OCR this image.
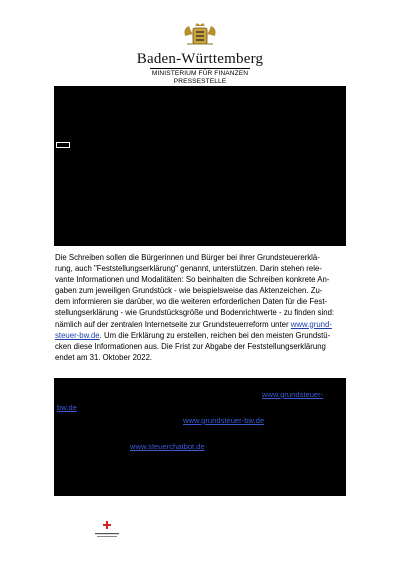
Baden-Württemberg
MINISTERIUM FÜR FINANZEN
PRESSESTELLE
Die Schreiben sollen die Bürgerinnen und Bürger bei ihrer Grundsteuererklä-
rung, auch "Feststellungserklärung" genannt, unterstützen. Darin stehen rele-
vante Informationen und Modalitäten: So beinhalten die Schreiben konkrete An-
gaben zum jeweiligen Grundstück - wie beispielsweise das Aktenzeichen. Zu-
dem informieren sie darüber, wo die weiteren erforderlichen Daten für die Fest-
stellungserklärung - wie Grundstücksgröße und Bodenrichtwerte - zu finden sind:
nämlich auf der zentralen Internetseite zur Grundsteuerreform unter www.grund-
steuer-bw.de. Um die Erklärung zu erstellen, reichen bei den meisten Grundstü-
cken diese Informationen aus. Die Frist zur Abgabe der Feststellungserklärung
endet am 31. Oktober 2022.
www.grundsteuer-
bw.de
www.grundsteuer-bw.de
www.steuerchatbot.de
